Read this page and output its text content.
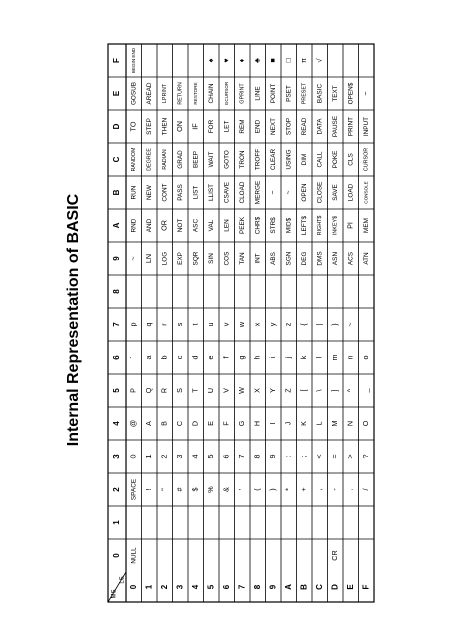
Internal Representation of BASIC
MS
LS
0
1
2
3
4
5
6
7
8
9
A
B
C
D
E
F
0 1 2 3 4 5 6 7 8 9 A B C D E F
NULL
SPACE
0
@
P
`
p
~
RND
RUN
RANDOM
TO
GOSUB
BEGIN END
!
1
A
Q
a
q
LN
AND
NEW
DEGREE
STEP
AREAD
"
2
B
R
b
r
LOG
OR
CONT
RADIAN
THEN
LPRINT
#
3
C
S
c
s
EXP
NOT
PASS
GRAD
ON
RETURN
$
4
D
T
d
t
SQR
ASC
LIST
BEEP
IF
RESTORE
%
5
E
U
e
u
SIN
VAL
LLIST
WAIT
FOR
CHAIN
♠
&
6
F
V
f
v
COS
LEN
CSAVE
GOTO
LET
GCURSOR
♥
'
7
G
W
g
w
TAN
PEEK
CLOAD
TRON
REM
GPRINT
♦
(
8
H
X
h
x
INT
CHR$
MERGE
TROFF
END
LINE
♣
)
9
I
Y
i
y
ABS
STR$
~
CLEAR
NEXT
POINT
■
*
:
J
Z
j
z
SGN
MID$
~
USING
STOP
PSET
□
+
;
K
[
k
{
DEG
LEFT$
OPEN
DIM
READ
PRESET
π
,
<
L
\
l
|
DMS
RIGHT$
CLOSE
CALL
DATA
BASIC
√
CR
-
=
M
]
m
}
ASN
INKEY$
SAVE
POKE
PAUSE
TEXT
.
>
N
^
n
~
ACS
PI
LOAD
CLS
PRINT
OPEN$
/
?
O
_
o
ATN
MEM
CONSOLE
CURSOR
INPUT
~
